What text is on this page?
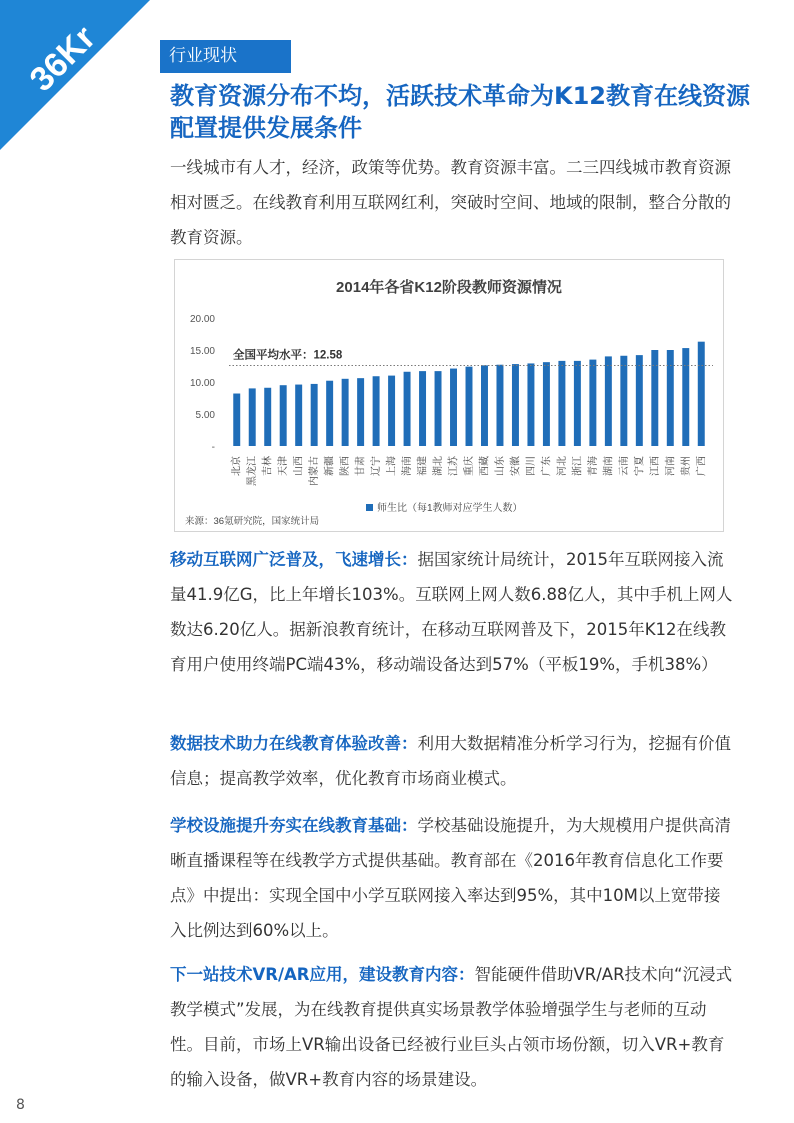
36Kr	行业现状
教育资源分布不均，活跃技术革命为K12教育在线资源配置提供发展条件

一线城市有人才，经济，政策等优势。教育资源丰富。二三四线城市教育资源相对匮乏。在线教育利用互联网红利，突破时空间、地域的限制，整合分散的教育资源。

2014年各省K12阶段教师资源情况
-
5.00
10.00
15.00
20.00
北京 黑龙江 吉林 天津 山西 内蒙古 新疆 陕西 甘肃 辽宁 上海 海南 福建 湖北 江苏 重庆 西藏 山东 安徽 四川 广东 河北 浙江 青海 湖南 云南 宁夏 江西 河南 贵州 广西
全国平均水平：12.58
师生比（每1教师对应学生人数）
来源：36氪研究院，国家统计局

移动互联网广泛普及，飞速增长：据国家统计局统计，2015年互联网接入流量41.9亿G，比上年增长103%。互联网上网人数6.88亿人，其中手机上网人数达6.20亿人。据新浪教育统计，在移动互联网普及下，2015年K12在线教育用户使用终端PC端43%，移动端设备达到57%（平板19%，手机38%）

数据技术助力在线教育体验改善：利用大数据精准分析学习行为，挖掘有价值信息；提高教学效率，优化教育市场商业模式。

学校设施提升夯实在线教育基础：学校基础设施提升，为大规模用户提供高清晰直播课程等在线教学方式提供基础。教育部在《2016年教育信息化工作要点》中提出：实现全国中小学互联网接入率达到95%，其中10M以上宽带接入比例达到60%以上。

下一站技术VR/AR应用，建设教育内容：智能硬件借助VR/AR技术向“沉浸式教学模式”发展，为在线教育提供真实场景教学体验增强学生与老师的互动性。目前，市场上VR输出设备已经被行业巨头占领市场份额，切入VR+教育的输入设备，做VR+教育内容的场景建设。

8
